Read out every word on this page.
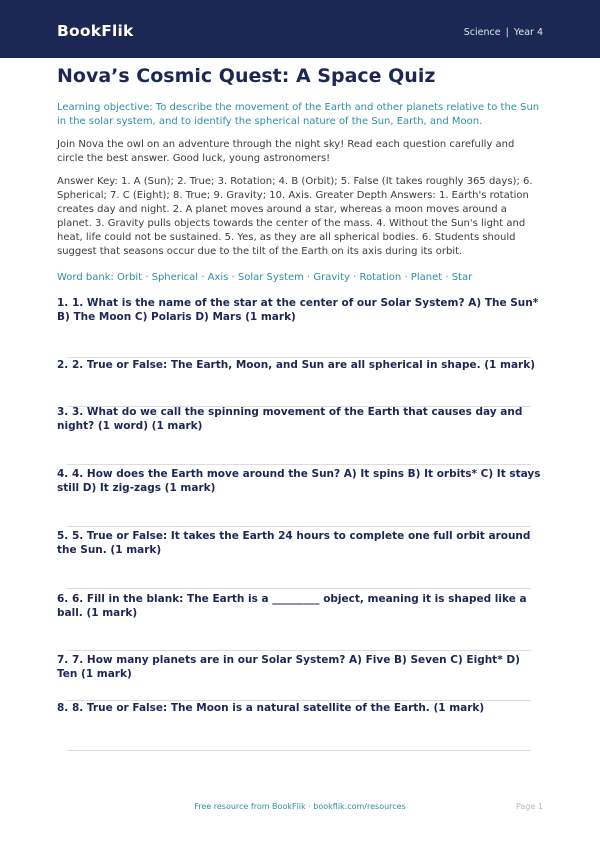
BookFlik	Science | Year 4
Nova’s Cosmic Quest: A Space Quiz
Learning objective: To describe the movement of the Earth and other planets relative to the Sun in the solar system, and to identify the spherical nature of the Sun, Earth, and Moon.
Join Nova the owl on an adventure through the night sky! Read each question carefully and circle the best answer. Good luck, young astronomers!
Answer Key: 1. A (Sun); 2. True; 3. Rotation; 4. B (Orbit); 5. False (It takes roughly 365 days); 6. Spherical; 7. C (Eight); 8. True; 9. Gravity; 10. Axis. Greater Depth Answers: 1. Earth's rotation creates day and night. 2. A planet moves around a star, whereas a moon moves around a planet. 3. Gravity pulls objects towards the center of the mass. 4. Without the Sun's light and heat, life could not be sustained. 5. Yes, as they are all spherical bodies. 6. Students should suggest that seasons occur due to the tilt of the Earth on its axis during its orbit.
Word bank: Orbit · Spherical · Axis · Solar System · Gravity · Rotation · Planet · Star
1. 1. What is the name of the star at the center of our Solar System? A) The Sun* B) The Moon C) Polaris D) Mars (1 mark)
2. 2. True or False: The Earth, Moon, and Sun are all spherical in shape. (1 mark)
3. 3. What do we call the spinning movement of the Earth that causes day and night? (1 word) (1 mark)
4. 4. How does the Earth move around the Sun? A) It spins B) It orbits* C) It stays still D) It zig-zags (1 mark)
5. 5. True or False: It takes the Earth 24 hours to complete one full orbit around the Sun. (1 mark)
6. 6. Fill in the blank: The Earth is a _________ object, meaning it is shaped like a ball. (1 mark)
7. 7. How many planets are in our Solar System? A) Five B) Seven C) Eight* D) Ten (1 mark)
8. 8. True or False: The Moon is a natural satellite of the Earth. (1 mark)
Free resource from BookFlik · bookflik.com/resources	Page 1
